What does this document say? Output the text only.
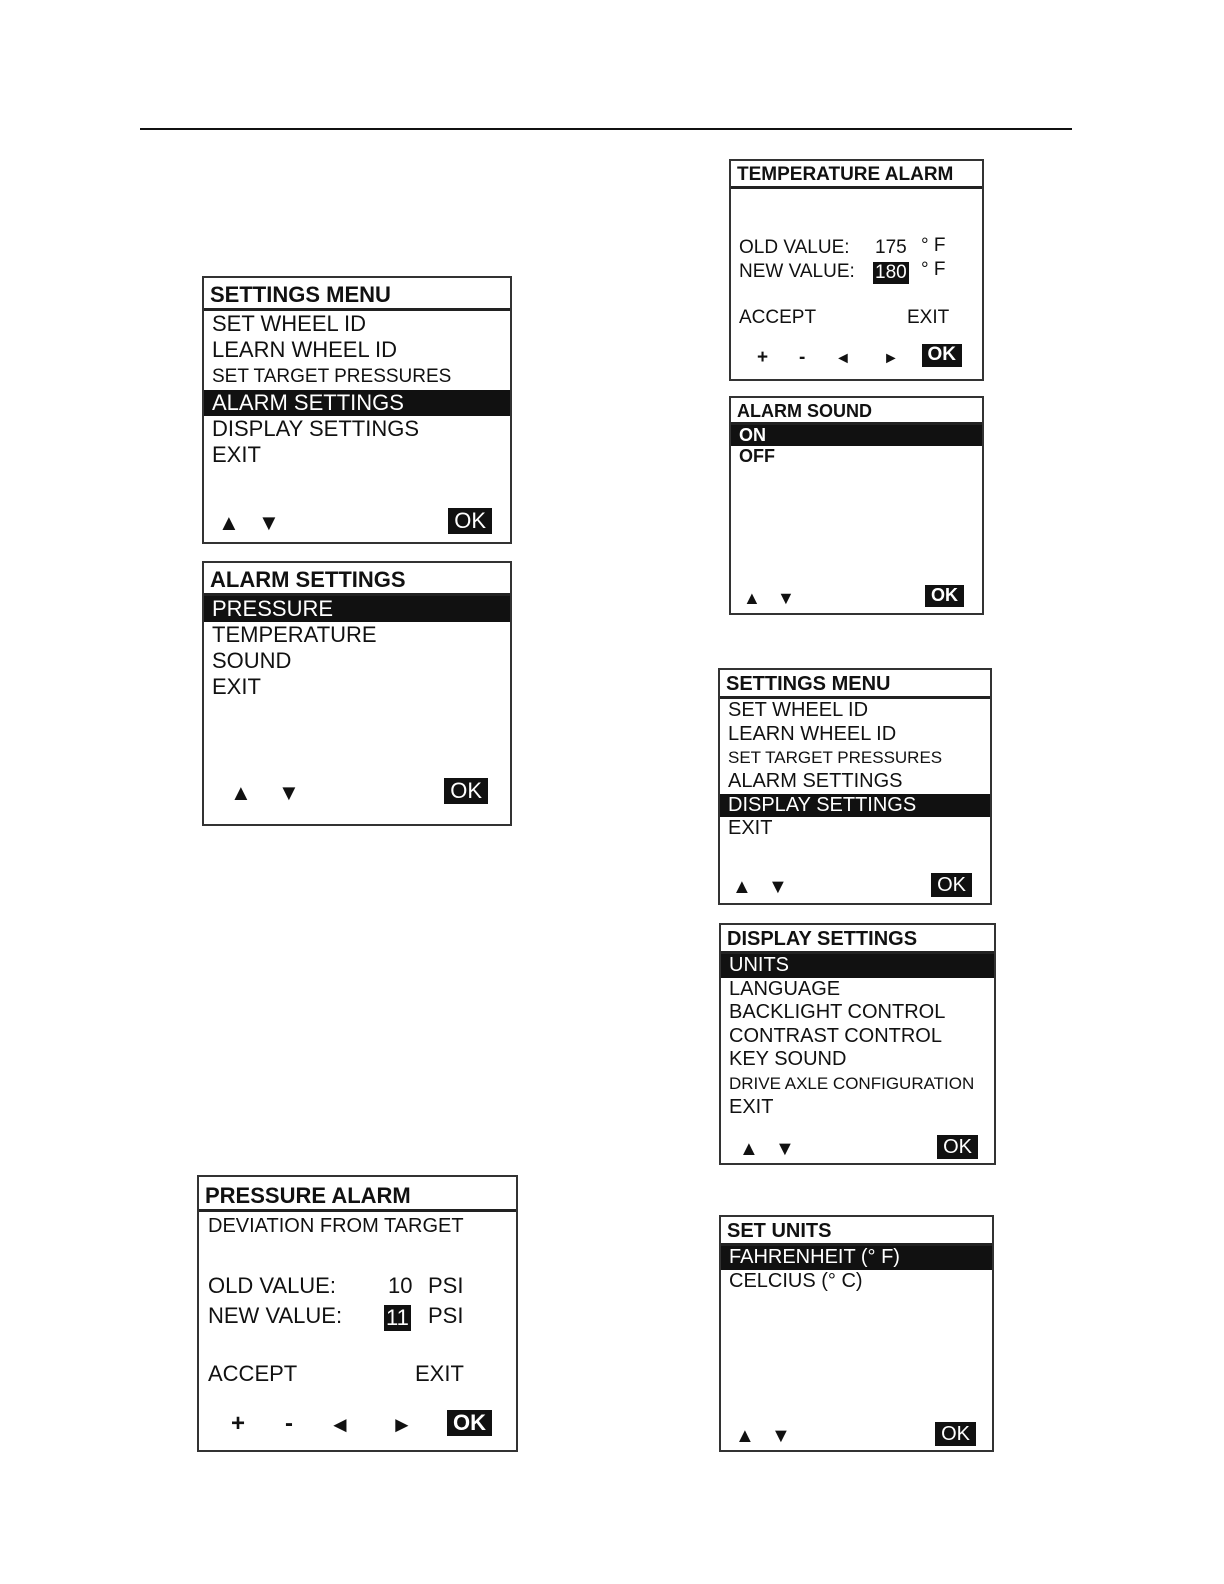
SETTINGS MENU
SET WHEEL ID
LEARN WHEEL ID
SET TARGET PRESSURES
ALARM SETTINGS
DISPLAY SETTINGS
EXIT
▲ ▼	OK
ALARM SETTINGS
PRESSURE
TEMPERATURE
SOUND
EXIT
▲ ▼	OK
PRESSURE ALARM
DEVIATION FROM TARGET
OLD VALUE: 10 PSI
NEW VALUE: 11 PSI
ACCEPT	EXIT
+ - ◄ ► OK
TEMPERATURE ALARM
OLD VALUE: 175 ° F
NEW VALUE: 180 ° F
ACCEPT	EXIT
+ - ◄ ►	OK
ALARM SOUND
ON
OFF
▲ ▼	OK
SETTINGS MENU
SET WHEEL ID
LEARN WHEEL ID
SET TARGET PRESSURES
ALARM SETTINGS
DISPLAY SETTINGS
EXIT
▲ ▼	OK
DISPLAY SETTINGS
UNITS
LANGUAGE
BACKLIGHT CONTROL
CONTRAST CONTROL
KEY SOUND
DRIVE AXLE CONFIGURATION
EXIT
▲ ▼	OK
SET UNITS
FAHRENHEIT (° F)
CELCIUS (° C)
▲ ▼	OK
